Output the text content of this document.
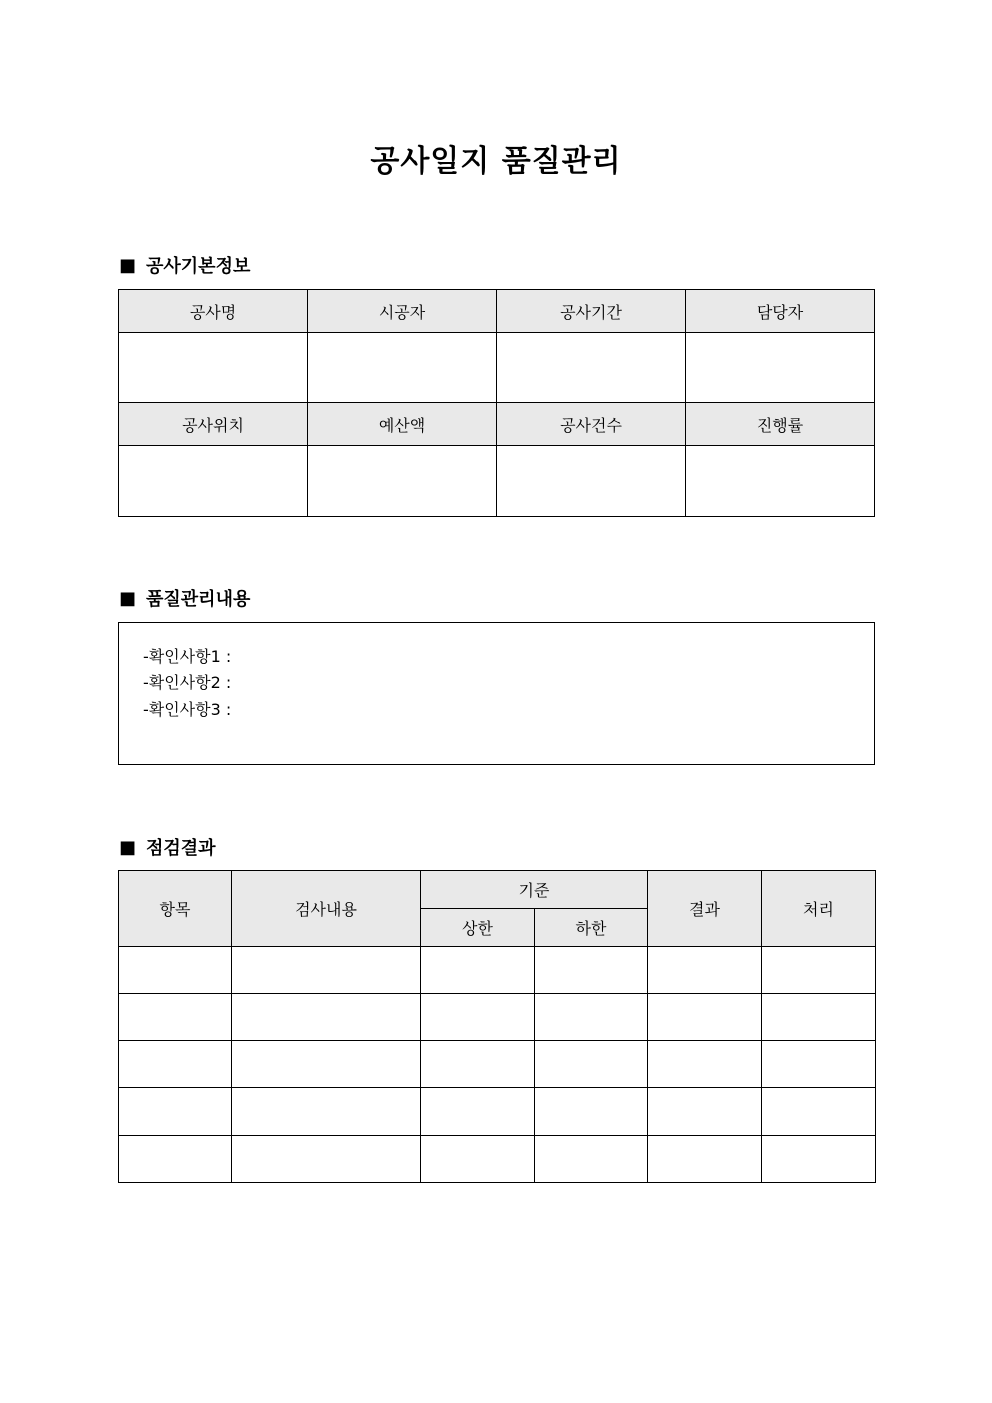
공사일지 품질관리
■ 공사기본정보
공사명	시공자	공사기간	담당자

공사위치	예산액	공사건수	진행률

■ 품질관리내용
-확인사항1 :
-확인사항2 :
-확인사항3 :
■ 점검결과
항목	검사내용	기준		결과	처리
		상한	하한		
